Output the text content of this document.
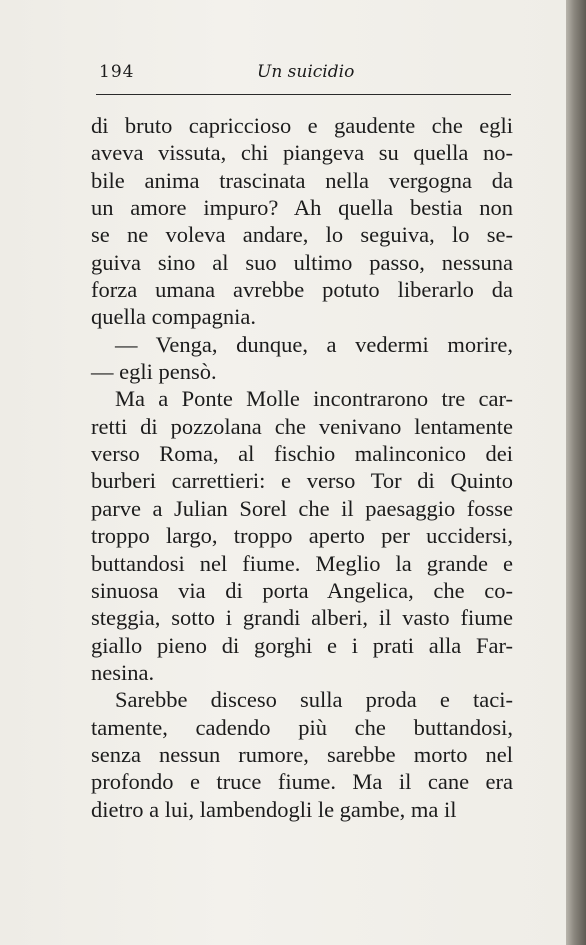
194	Un suicidio
di bruto capriccioso e gaudente che egli
aveva vissuta, chi piangeva su quella no-
bile anima trascinata nella vergogna da
un amore impuro? Ah quella bestia non
se ne voleva andare, lo seguiva, lo se-
guiva sino al suo ultimo passo, nessuna
forza umana avrebbe potuto liberarlo da
quella compagnia.
— Venga, dunque, a vedermi morire,
— egli pensò.
Ma a Ponte Molle incontrarono tre car-
retti di pozzolana che venivano lentamente
verso Roma, al fischio malinconico dei
burberi carrettieri: e verso Tor di Quinto
parve a Julian Sorel che il paesaggio fosse
troppo largo, troppo aperto per uccidersi,
buttandosi nel fiume. Meglio la grande e
sinuosa via di porta Angelica, che co-
steggia, sotto i grandi alberi, il vasto fiume
giallo pieno di gorghi e i prati alla Far-
nesina.
Sarebbe disceso sulla proda e taci-
tamente, cadendo più che buttandosi,
senza nessun rumore, sarebbe morto nel
profondo e truce fiume. Ma il cane era
dietro a lui, lambendogli le gambe, ma il
